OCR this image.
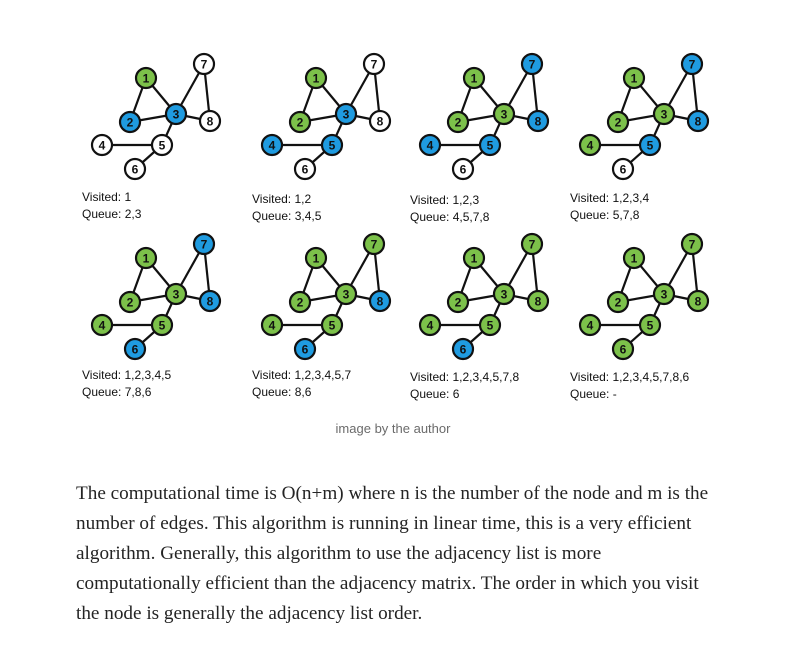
1
2
3
4	5
6
7
8
Visited: 1
Queue: 2,3
1
2
3
4	5
6
7
8
Visited: 1,2
Queue: 3,4,5
1
2
3
4	5
6
7
8
Visited: 1,2,3
Queue: 4,5,7,8
1
2
3
4	5
6
7
8
Visited: 1,2,3,4
Queue: 5,7,8
1
2
3
4	5
6
7
8
Visited: 1,2,3,4,5
Queue: 7,8,6
1
2
3
4	5
6
7
8
Visited: 1,2,3,4,5,7
Queue: 8,6
1
2
3
4	5
6
7
8
Visited: 1,2,3,4,5,7,8
Queue: 6
1
2
3
4	5
6
7
8
Visited: 1,2,3,4,5,7,8,6
Queue: -
image by the author

The computational time is O(n+m) where n is the number of the node and m is the number of edges. This algorithm is running in linear time, this is a very efficient algorithm. Generally, this algorithm to use the adjacency list is more computationally efficient than the adjacency matrix. The order in which you visit the node is generally the adjacency list order.
